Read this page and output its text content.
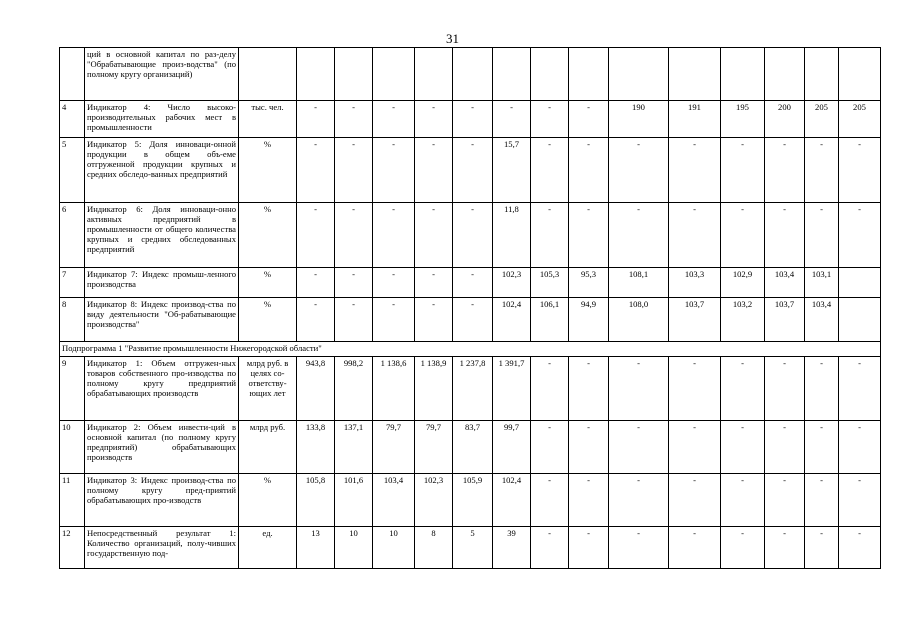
31
	ций в основной капитал по раз-делу "Обрабатывающие произ-водства" (по полному кругу организаций)															
4	Индикатор 4: Число высоко-производительных рабочих мест в промышленности	тыс. чел.	-	-	-	-	-	-	-	-	190	191	195	200	205	205
5	Индикатор 5: Доля инноваци-онной продукции в общем объ-еме отгруженной продукции крупных и средних обследо-ванных предприятий	%	-	-	-	-	-	15,7	-	-	-	-	-	-	-	-
6	Индикатор 6: Доля инноваци-онно активных предприятий в промышленности от общего количества крупных и средних обследованных предприятий	%	-	-	-	-	-	11,8	-	-	-	-	-	-	-	-
7	Индикатор 7: Индекс промыш-ленного производства	%	-	-	-	-	-	102,3	105,3	95,3	108,1	103,3	102,9	103,4	103,1	
8	Индикатор 8: Индекс производ-ства по виду деятельности "Об-рабатывающие производства"	%	-	-	-	-	-	102,4	106,1	94,9	108,0	103,7	103,2	103,7	103,4	
Подпрограмма 1 "Развитие промышленности Нижегородской области"																
9	Индикатор 1: Объем отгружен-ных товаров собственного про-изводства по полному кругу предприятий обрабатывающих производств	млрд руб. в целях со-ответству-ющих лет	943,8	998,2	1 138,6	1 138,9	1 237,8	1 391,7	-	-	-	-	-	-	-	-
10	Индикатор 2: Объем инвести-ций в основной капитал (по полному кругу предприятий) обрабатывающих производств	млрд руб.	133,8	137,1	79,7	79,7	83,7	99,7	-	-	-	-	-	-	-	-
11	Индикатор 3: Индекс производ-ства по полному кругу пред-приятий обрабатывающих про-изводств	%	105,8	101,6	103,4	102,3	105,9	102,4	-	-	-	-	-	-	-	-
12	Непосредственный результат 1: Количество организаций, полу-чивших государственную под-	ед.	13	10	10	8	5	39	-	-	-	-	-	-	-	-
